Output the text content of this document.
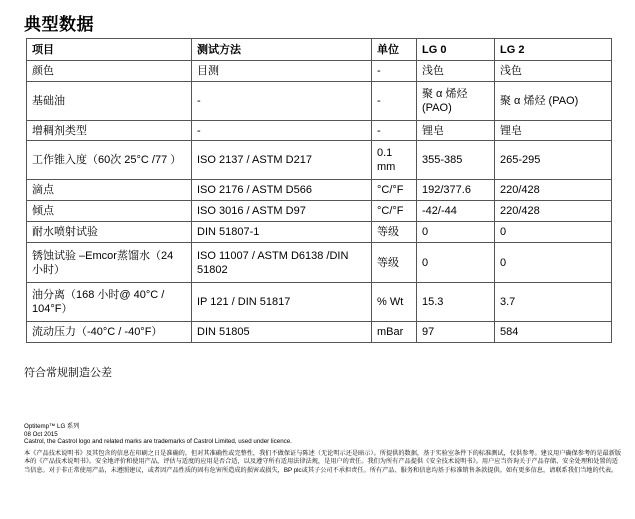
典型数据
项目	测试方法	单位	LG 0	LG 2
颜色	目测	-	浅色	浅色
基础油	-	-	聚 α 烯烃 (PAO)	聚 α 烯烃 (PAO)
增稠剂类型	-	-	锂皂	锂皂
工作锥入度（60次 25°C /77 ）	ISO 2137 / ASTM D217	0.1 mm	355-385	265-295
滴点	ISO 2176 / ASTM D566	°C/°F	192/377.6	220/428
倾点	ISO 3016 / ASTM D97	°C/°F	-42/-44	220/428
耐水喷射试验	DIN 51807-1	等级	0	0
锈蚀试验 –Emcor蒸馏水（24 小时）	ISO 11007 / ASTM D6138 /DIN 51802	等级	0	0
油分离（168 小时@ 40°C / 104°F）	IP 121 / DIN 51817	% Wt	15.3	3.7
流动压力（-40°C / -40°F）	DIN 51805	mBar	97	584
符合常规制造公差

Optitemp™ LG 系列

08 Oct 2015

Castrol, the Castrol logo and related marks are trademarks of Castrol Limited, used under licence.

本《产品技术说明书》及其包含的信息在印刷之日是准确的，但对其准确性或完整性，我们不做保证与陈述（无论明示还是暗示）。所提供的数据，基于实验室条件下的标准测试，仅供参考。建议用户确保参考的是最新版本的《产品技术说明书》。安全地评价和使用产品，评估与适度的应用是否合适，以及遵守所有适用法律法规，是用户的责任。我们为所有产品提供《安全技术说明书》。用户应当咨询关于产品存储、安全处理和处置的适当信息。对于非正常使用产品，未遵照建议，或者因产品性质的固有危害所造成的损害或损失，BP plc或其子公司不承担责任。所有产品、服务和信息均基于标准销售条款提供。如有更多信息，请联系我们当地的代表。
